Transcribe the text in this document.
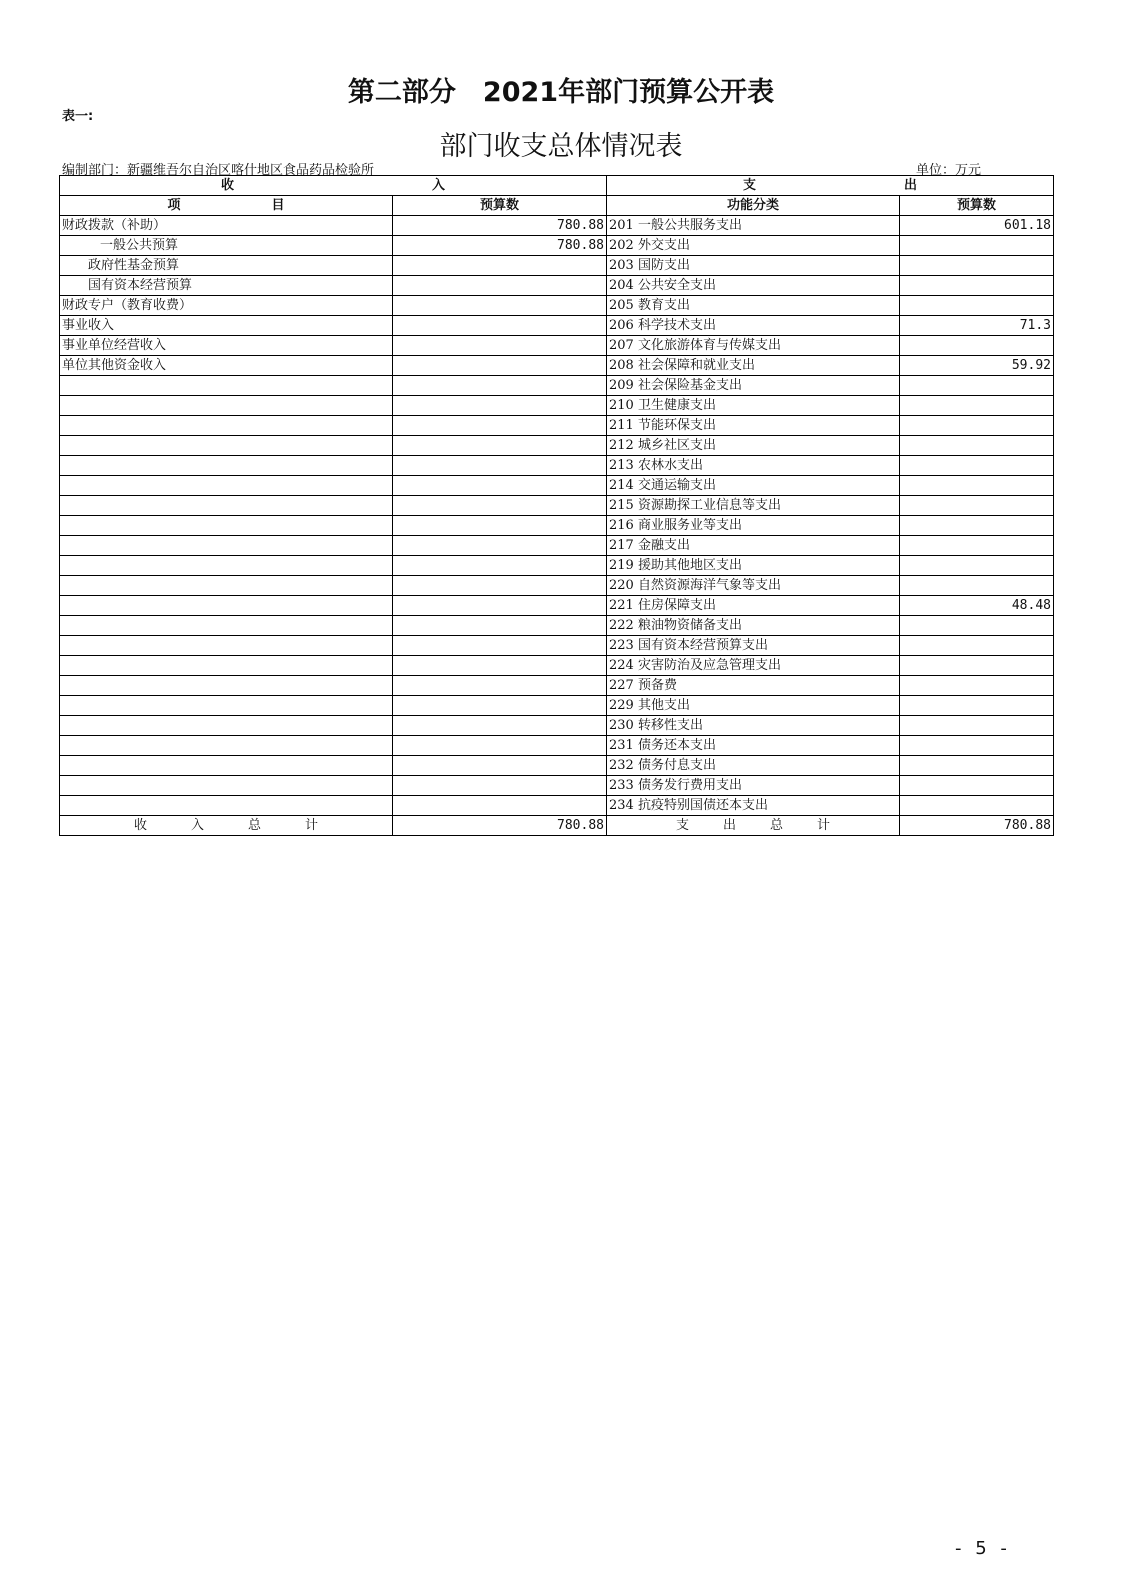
第二部分　2021年部门预算公开表
表一:
部门收支总体情况表
编制部门：新疆维吾尔自治区喀什地区食品药品检验所	单位：万元
收 入		支 出	

项 目	预算数	功能分类	预算数
财政拨款（补助）	780.88	201 一般公共服务支出	601.18
一般公共预算	780.88	202 外交支出	
政府性基金预算		203 国防支出	
国有资本经营预算		204 公共安全支出	
财政专户（教育收费）		205 教育支出	
事业收入		206 科学技术支出	71.3
事业单位经营收入		207 文化旅游体育与传媒支出	
单位其他资金收入		208 社会保障和就业支出	59.92
		209 社会保险基金支出	
		210 卫生健康支出	
		211 节能环保支出	
		212 城乡社区支出	
		213 农林水支出	
		214 交通运输支出	
		215 资源勘探工业信息等支出	
		216 商业服务业等支出	
		217 金融支出	
		219 援助其他地区支出	
		220 自然资源海洋气象等支出	
		221 住房保障支出	48.48
		222 粮油物资储备支出	
		223 国有资本经营预算支出	
		224 灾害防治及应急管理支出	
		227 预备费	
		229 其他支出	
		230 转移性支出	
		231 债务还本支出	
		232 债务付息支出	
		233 债务发行费用支出	
		234 抗疫特别国债还本支出	

收 入 总 计	780.88	支 出 总 计	780.88
- 5 -
